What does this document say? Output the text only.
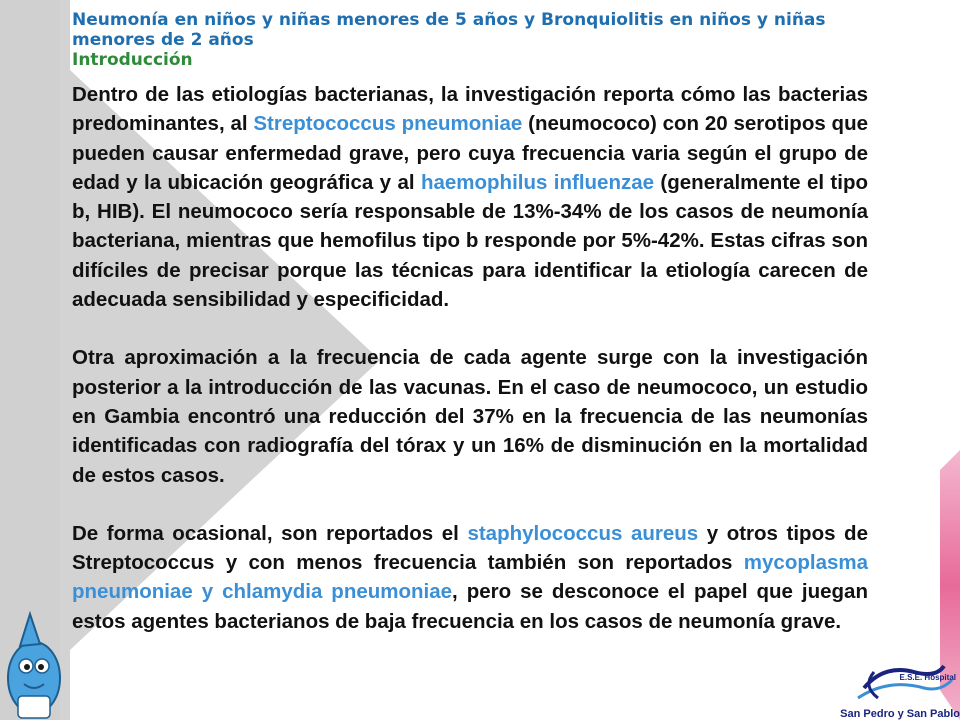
Neumonía en niños y niñas menores de 5 años y Bronquiolitis en niños y niñas menores de 2 años
Introducción

Dentro de las etiologías bacterianas, la investigación reporta cómo las bacterias predominantes, al Streptococcus pneumoniae (neumococo) con 20 serotipos que pueden causar enfermedad grave, pero cuya frecuencia varia según el grupo de edad y la ubicación geográfica y al haemophilus influenzae (generalmente el tipo b, HIB). El neumococo sería responsable de 13%-34% de los casos de neumonía bacteriana, mientras que hemofilus tipo b responde por 5%-42%. Estas cifras son difíciles de precisar porque las técnicas para identificar la etiología carecen de adecuada sensibilidad y especificidad.

Otra aproximación a la frecuencia de cada agente surge con la investigación posterior a la introducción de las vacunas. En el caso de neumococo, un estudio en Gambia encontró una reducción del 37% en la frecuencia de las neumonías identificadas con radiografía del tórax y un 16% de disminución en la mortalidad de estos casos.

De forma ocasional, son reportados el staphylococcus aureus y otros tipos de Streptococcus y con menos frecuencia también son reportados mycoplasma pneumoniae y chlamydia pneumoniae, pero se desconoce el papel que juegan estos agentes bacterianos de baja frecuencia en los casos de neumonía grave.

E.S.E. Hospital
San Pedro y San Pablo
